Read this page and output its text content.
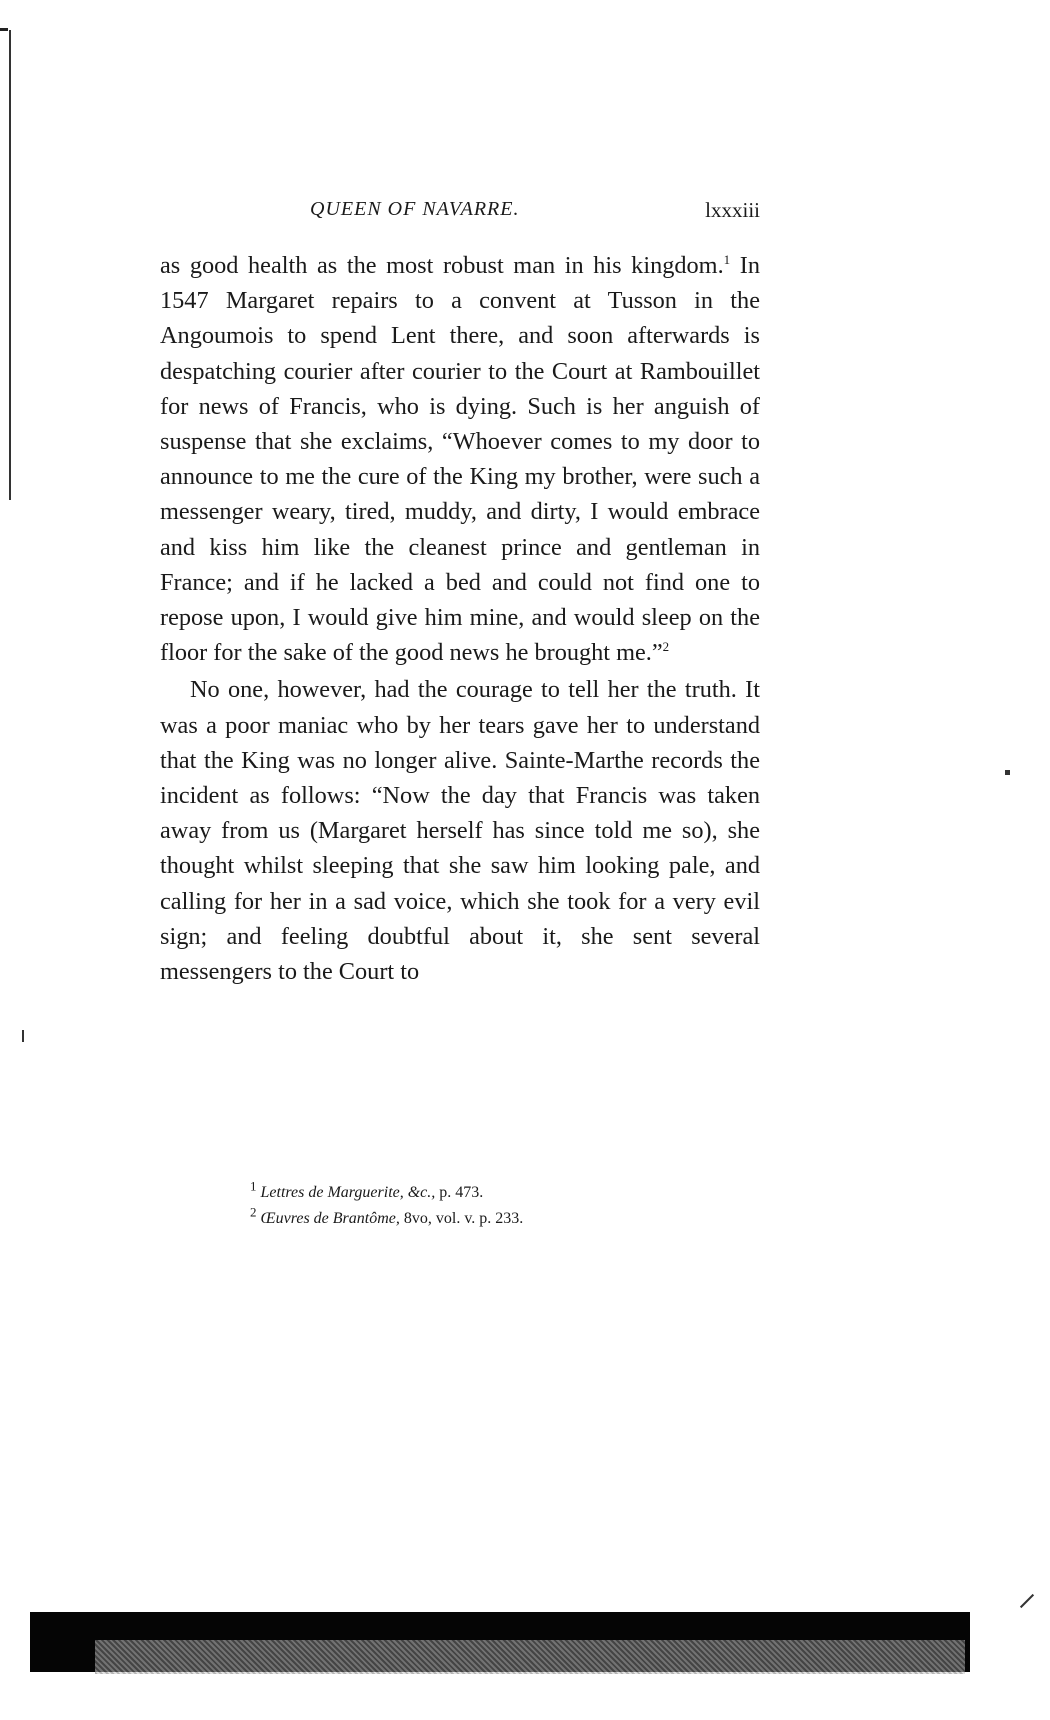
QUEEN OF NAVARRE.	lxxxiii

as good health as the most robust man in his kingdom.$^1$ In 1547 Margaret repairs to a convent at Tusson in the Angoumois to spend Lent there, and soon afterwards is despatching courier after courier to the Court at Rambouillet for news of Francis, who is dying. Such is her anguish of suspense that she exclaims, “Whoever comes to my door to announce to me the cure of the King my brother, were such a messenger weary, tired, muddy, and dirty, I would embrace and kiss him like the cleanest prince and gentleman in France; and if he lacked a bed and could not find one to repose upon, I would give him mine, and would sleep on the floor for the sake of the good news he brought me.”$^2$

No one, however, had the courage to tell her the truth. It was a poor maniac who by her tears gave her to understand that the King was no longer alive. Sainte-Marthe records the incident as follows: “Now the day that Francis was taken away from us (Margaret herself has since told me so), she thought whilst sleeping that she saw him looking pale, and calling for her in a sad voice, which she took for a very evil sign; and feeling doubtful about it, she sent several messengers to the Court to

$^1$ Lettres de Marguerite, &c., p. 473.
$^2$ Œuvres de Brantôme, 8vo, vol. v. p. 233.
